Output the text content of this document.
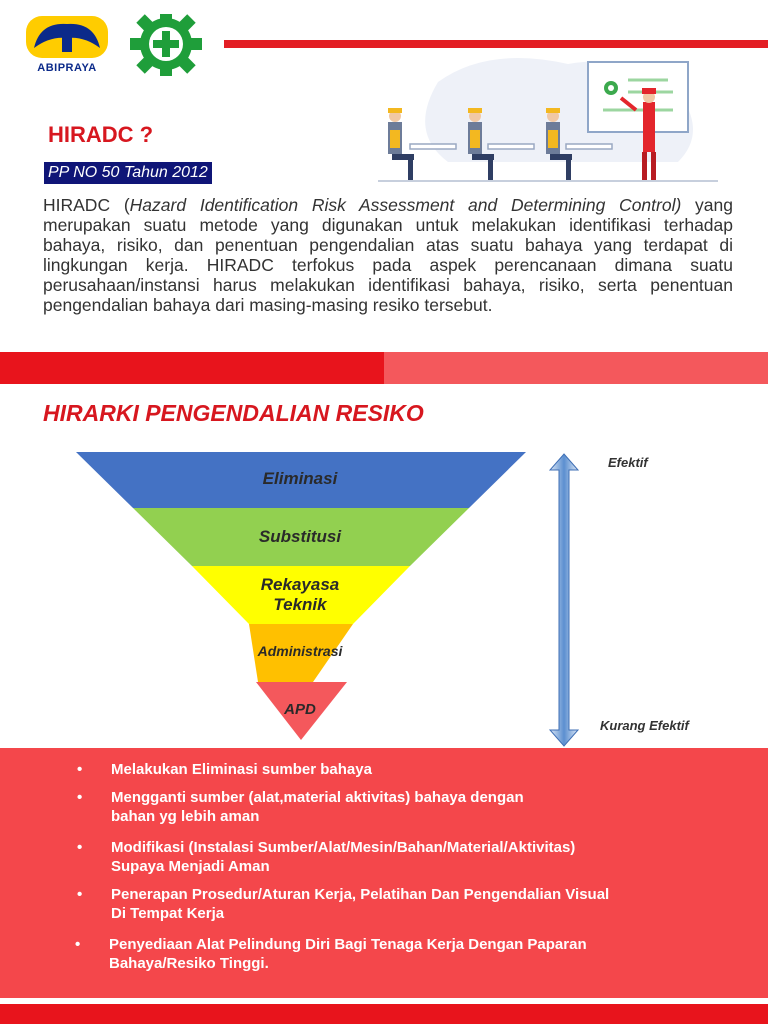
ABIPRAYA
HIRADC ?
PP NO 50 Tahun 2012

HIRADC (Hazard Identification Risk Assessment and Determining Control) yang merupakan suatu metode yang digunakan untuk melakukan identifikasi terhadap bahaya, risiko, dan penentuan pengendalian atas suatu bahaya yang terdapat di lingkungan kerja. HIRADC terfokus pada aspek perencanaan dimana suatu perusahaan/instansi harus melakukan identifikasi bahaya, risiko, serta penentuan pengendalian bahaya dari masing-masing resiko tersebut.

HIRARKI PENGENDALIAN RESIKO
Eliminasi
Substitusi
Rekayasa
Teknik
Administrasi
APD
Efektif
Kurang Efektif
• Melakukan Eliminasi sumber bahaya
• Mengganti sumber (alat,material aktivitas) bahaya dengan
bahan yg lebih aman
• Modifikasi (Instalasi Sumber/Alat/Mesin/Bahan/Material/Aktivitas)
Supaya Menjadi Aman
• Penerapan Prosedur/Aturan Kerja, Pelatihan Dan Pengendalian Visual
Di Tempat Kerja
• Penyediaan Alat Pelindung Diri Bagi Tenaga Kerja Dengan Paparan
Bahaya/Resiko Tinggi.
